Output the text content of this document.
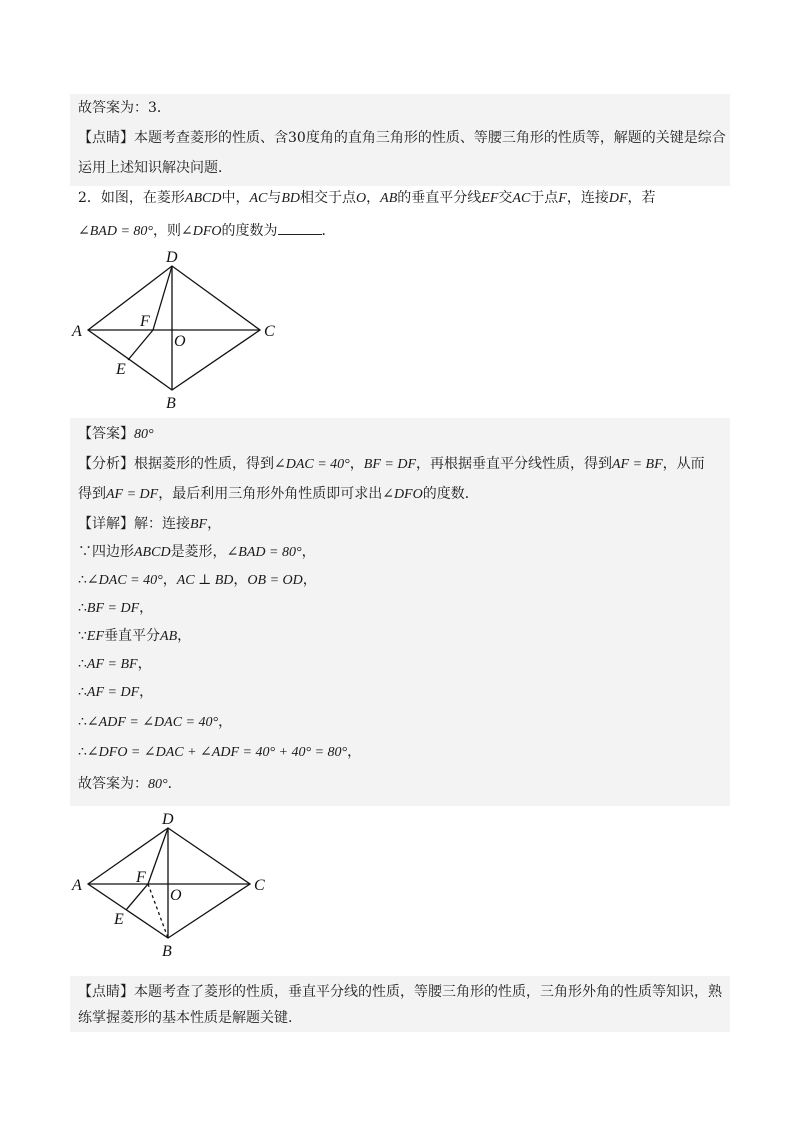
故答案为：3．
【点睛】本题考查菱形的性质、含30度角的直角三角形的性质、等腰三角形的性质等，解题的关键是综合
运用上述知识解决问题．
2．如图，在菱形ABCD中，AC与BD相交于点O，AB的垂直平分线EF交AC于点F，连接DF，若
∠BAD = 80°，则∠DFO的度数为	．
D
A	C
F
O
E
B
【答案】80°
【分析】根据菱形的性质，得到∠DAC = 40°，BF = DF，再根据垂直平分线性质，得到AF = BF，从而
得到AF = DF，最后利用三角形外角性质即可求出∠DFO的度数．
【详解】解：连接BF，
∵四边形ABCD是菱形，∠BAD = 80°，
∴∠DAC = 40°，AC ⊥ BD，OB = OD，
∴BF = DF，
∵EF垂直平分AB，
∴AF = BF，
∴AF = DF，
∴∠ADF = ∠DAC = 40°，
∴∠DFO = ∠DAC + ∠ADF = 40° + 40° = 80°，
故答案为：80°．
D
A	C
F
O
E
B
【点睛】本题考查了菱形的性质，垂直平分线的性质，等腰三角形的性质，三角形外角的性质等知识，熟
练掌握菱形的基本性质是解题关键.
